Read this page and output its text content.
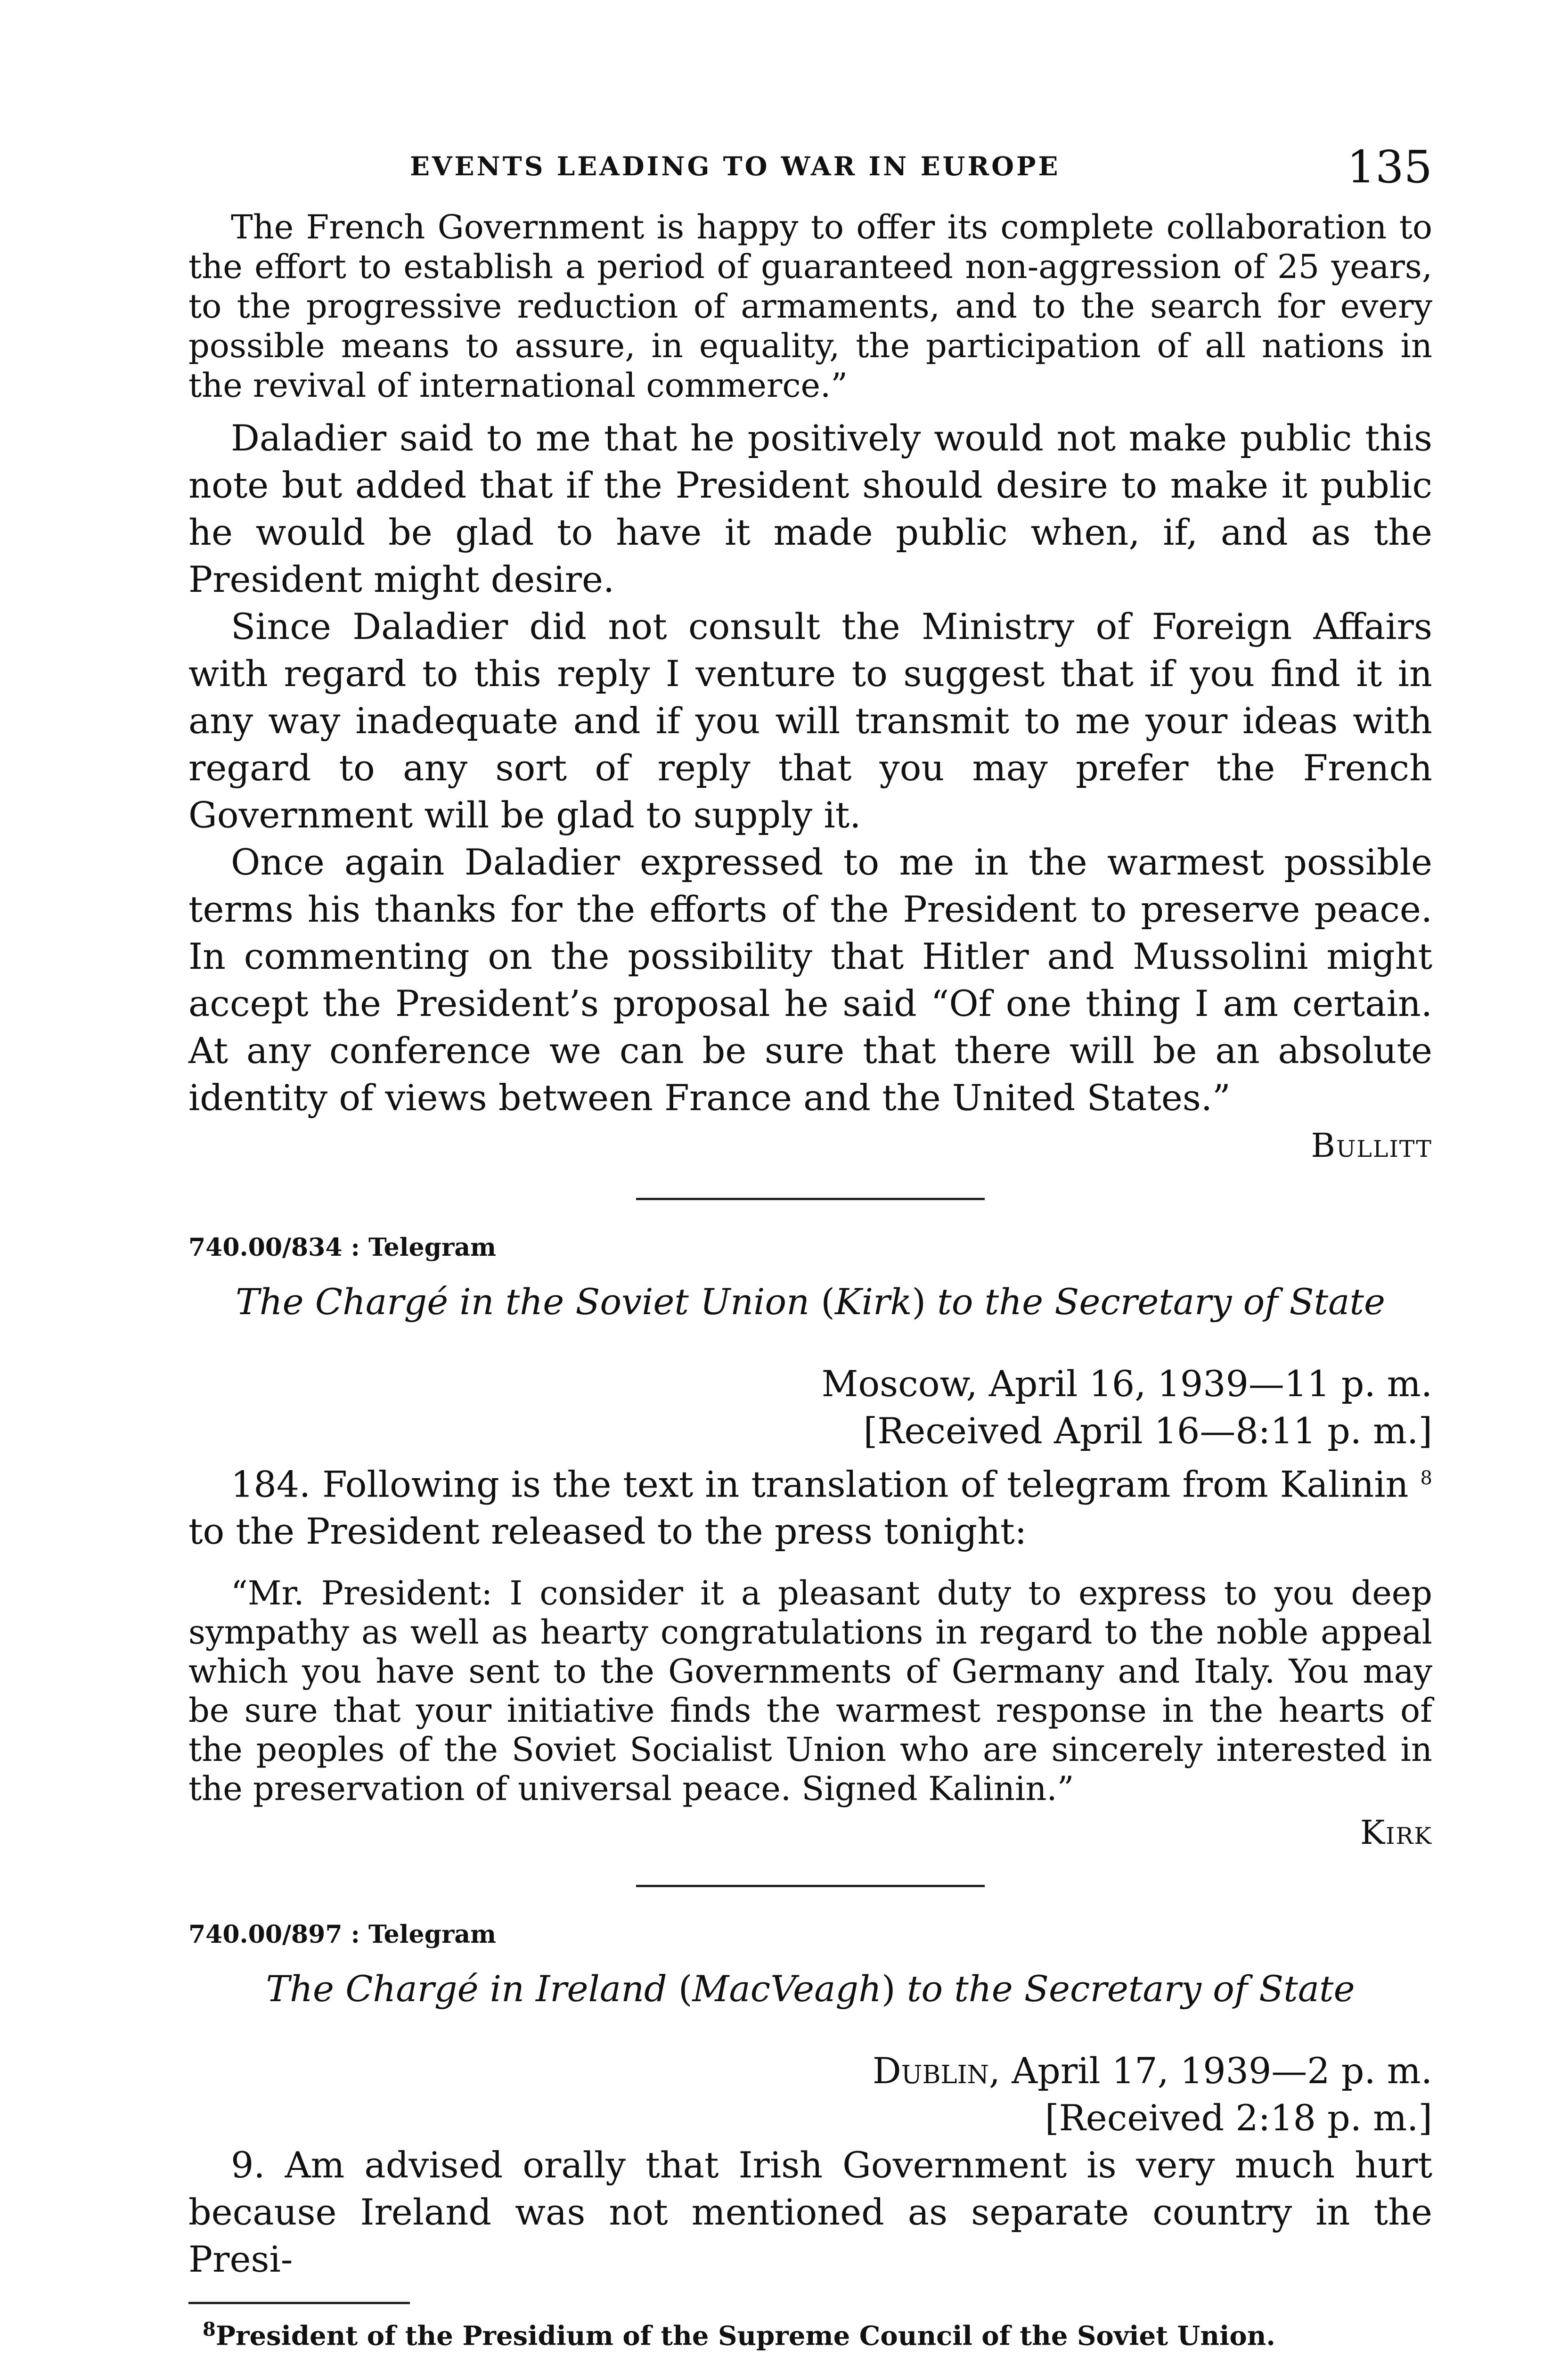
EVENTS LEADING TO WAR IN EUROPE	135

The French Government is happy to offer its complete collaboration to the effort to establish a period of guaranteed non-aggression of 25 years, to the progressive reduction of armaments, and to the search for every possible means to assure, in equality, the participation of all nations in the revival of international commerce.”

Daladier said to me that he positively would not make public this note but added that if the President should desire to make it public he would be glad to have it made public when, if, and as the President might desire.

Since Daladier did not consult the Ministry of Foreign Affairs with regard to this reply I venture to suggest that if you find it in any way inadequate and if you will transmit to me your ideas with regard to any sort of reply that you may prefer the French Government will be glad to supply it.

Once again Daladier expressed to me in the warmest possible terms his thanks for the efforts of the President to preserve peace. In commenting on the possibility that Hitler and Mussolini might accept the President’s proposal he said “Of one thing I am certain. At any conference we can be sure that there will be an absolute identity of views between France and the United States.”

Bullitt

740.00/834 : Telegram

The Chargé in the Soviet Union (Kirk) to the Secretary of State

Moscow, April 16, 1939—11 p. m.
[Received April 16—8:11 p. m.]

184. Following is the text in translation of telegram from Kalinin $^8$ to the President released to the press tonight:

“Mr. President: I consider it a pleasant duty to express to you deep sympathy as well as hearty congratulations in regard to the noble appeal which you have sent to the Governments of Germany and Italy. You may be sure that your initiative finds the warmest response in the hearts of the peoples of the Soviet Socialist Union who are sincerely interested in the preservation of universal peace. Signed Kalinin.”

Kirk

740.00/897 : Telegram

The Chargé in Ireland (MacVeagh) to the Secretary of State

Dublin, April 17, 1939—2 p. m.
[Received 2:18 p. m.]

9. Am advised orally that Irish Government is very much hurt because Ireland was not mentioned as separate country in the Presi-

$^8$President of the Presidium of the Supreme Council of the Soviet Union.
